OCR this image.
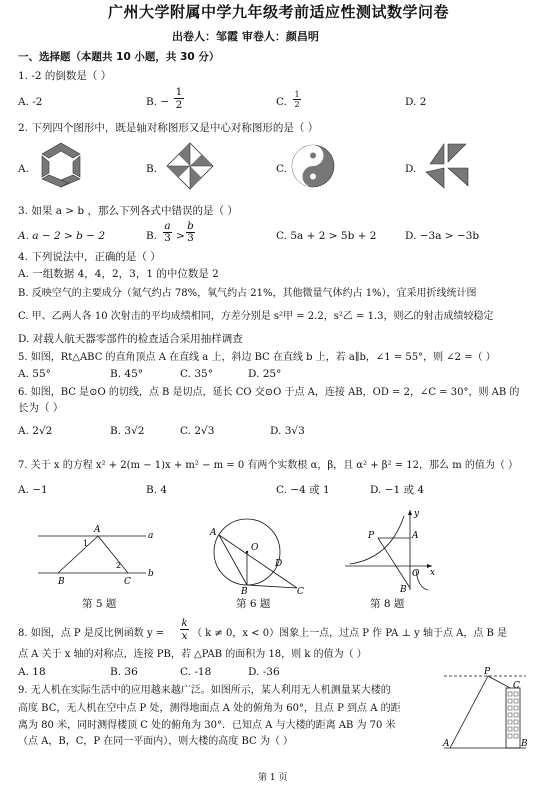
广州大学附属中学九年级考前适应性测试数学问卷
出卷人：邹霞 审卷人：颜昌明
一、选择题（本题共 10 小题，共 30 分）
1. -2 的倒数是（ ）
A. -2	B. − $\frac{1}{2}$	C. $\frac{1}{2}$	D. 2
2. 下列四个图形中，既是轴对称图形又是中心对称图形的是（ ）
A.	B.	C.	D.
3. 如果 a > b ，那么下列各式中错误的是（ ）
A. a − 2 > b − 2	B. $\frac{a}{3} > \frac{b}{3}$	C. 5a + 2 > 5b + 2	D. −3a > −3b
4. 下列说法中，正确的是（ ）
A. 一组数据 4，4，2，3，1 的中位数是 2
B. 反映空气的主要成分（氮气约占 78%，氧气约占 21%，其他微量气体约占 1%），宜采用折线统计图
C. 甲、乙两人各 10 次射击的平均成绩相同，方差分别是 s²甲 = 2.2，s²乙 = 1.3，则乙的射击成绩较稳定
D. 对载人航天器零部件的检查适合采用抽样调查
5. 如图，Rt△ABC 的直角顶点 A 在直线 a 上，斜边 BC 在直线 b 上，若 a∥b，∠1 = 55°，则 ∠2 =（ ）
A. 55°	B. 45°	C. 35°	D. 25°
6. 如图，BC 是⊙O 的切线，点 B 是切点，延长 CO 交⊙O 于点 A，连接 AB，OD = 2，∠C = 30°，则 AB 的
长为（ ）
A. 2√2	B. 3√2	C. 2√3	D. 3√3
7. 关于 x 的方程 x² + 2(m − 1)x + m² − m = 0 有两个实数根 α，β，且 α² + β² = 12，那么 m 的值为（ ）
A. −1	B. 4	C. −4 或 1	D. −1 或 4
A
a
1
2
b
B	C
第 5 题
A
O
D
B	C
第 6 题
y
P	A
O x
B
第 8 题
8. 如图，点 P 是反比例函数 y =
k
x （ k ≠ 0，x < 0）图象上一点，过点 P 作 PA ⊥ y 轴于点 A，点 B 是
点 A 关于 x 轴的对称点，连接 PB，若 △PAB 的面积为 18，则 k 的值为（ ）
A. 18	B. 36	C. -18	D. -36
9. 无人机在实际生活中的应用越来越广泛。如图所示，某人利用无人机测量某大楼的
高度 BC，无人机在空中点 P 处，测得地面点 A 处的俯角为 60°，且点 P 到点 A 的距
离为 80 米，同时测得楼顶 C 处的俯角为 30°．已知点 A 与大楼的距离 AB 为 70 米
（点 A，B，C，P 在同一平面内），则大楼的高度 BC 为（ ）
P
C
A	B
第 1 页
